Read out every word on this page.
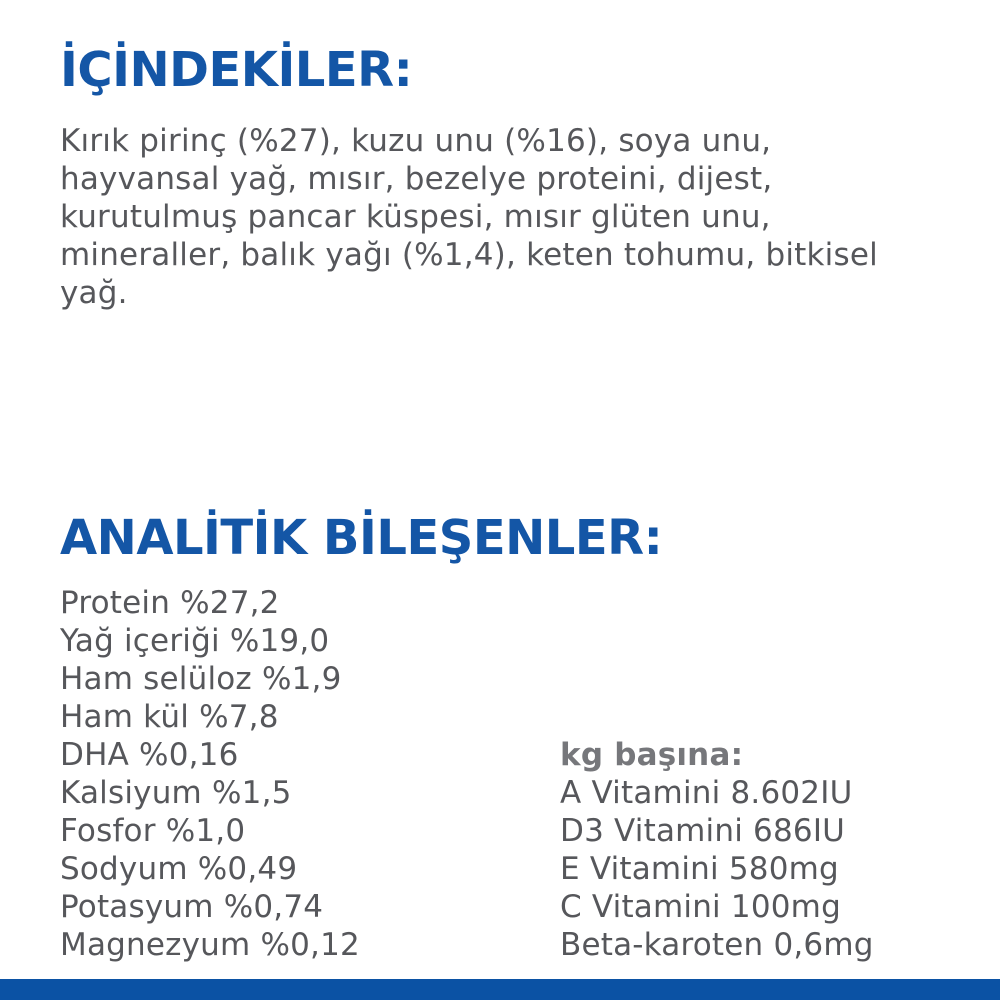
İÇİNDEKİLER:
Kırık pirinç (%27), kuzu unu (%16), soya unu,
hayvansal yağ, mısır, bezelye proteini, dijest,
kurutulmuş pancar küspesi, mısır glüten unu,
mineraller, balık yağı (%1,4), keten tohumu, bitkisel
yağ.
ANALİTİK BİLEŞENLER:
Protein %27,2
Yağ içeriği %19,0
Ham selüloz %1,9
Ham kül %7,8
DHA %0,16
Kalsiyum %1,5
Fosfor %1,0
Sodyum %0,49
Potasyum %0,74
Magnezyum %0,12
kg başına:
A Vitamini 8.602IU
D3 Vitamini 686IU
E Vitamini 580mg
C Vitamini 100mg
Beta-karoten 0,6mg
